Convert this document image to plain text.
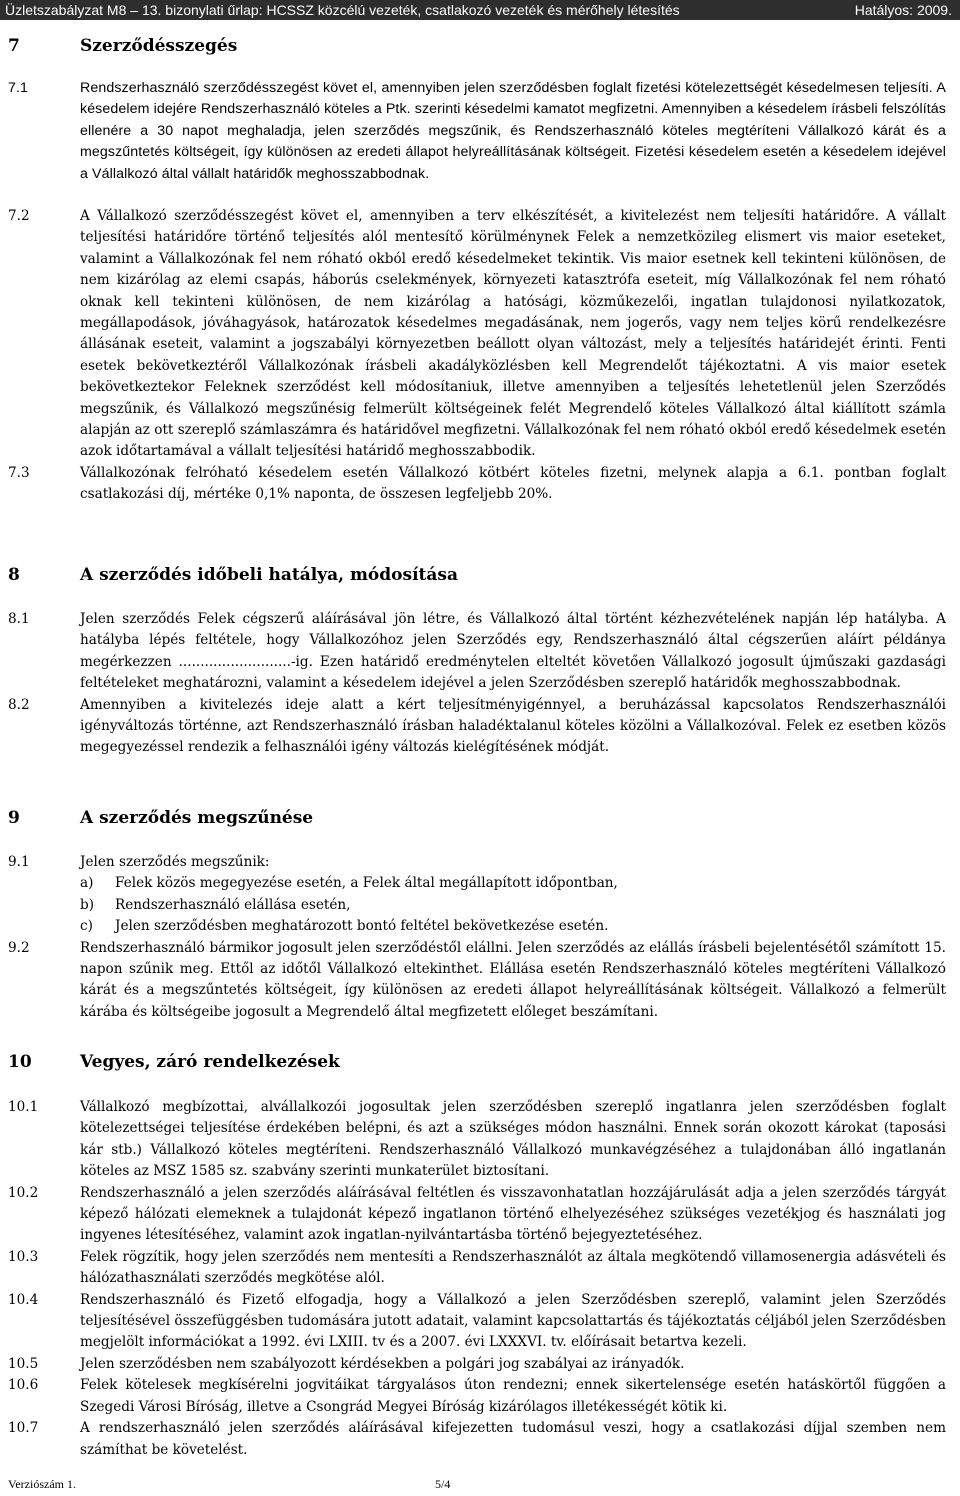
Üzletszabályzat M8 – 13. bizonylati űrlap: HCSSZ közcélú vezeték, csatlakozó vezeték és mérőhely létesítés	Hatályos: 2009.
7	Szerződésszegés
7.1	Rendszerhasználó szerződésszegést követ el, amennyiben jelen szerződésben foglalt fizetési kötelezettségét késedelmesen teljesíti. A késedelem idejére Rendszerhasználó köteles a Ptk. szerinti késedelmi kamatot megfizetni. Amennyiben a késedelem írásbeli felszólítás ellenére a 30 napot meghaladja, jelen szerződés megszűnik, és Rendszerhasználó köteles megtéríteni Vállalkozó kárát és a megszűntetés költségeit, így különösen az eredeti állapot helyreállításának költségeit. Fizetési késedelem esetén a késedelem idejével a Vállalkozó által vállalt határidők meghosszabbodnak.
7.2	A Vállalkozó szerződésszegést követ el, amennyiben a terv elkészítését, a kivitelezést nem teljesíti határidőre. A vállalt teljesítési határidőre történő teljesítés alól mentesítő körülménynek Felek a nemzetközileg elismert vis maior eseteket, valamint a Vállalkozónak fel nem róható okból eredő késedelmeket tekintik. Vis maior esetnek kell tekinteni különösen, de nem kizárólag az elemi csapás, háborús cselekmények, környezeti katasztrófa eseteit, míg Vállalkozónak fel nem róható oknak kell tekinteni különösen, de nem kizárólag a hatósági, közműkezelői, ingatlan tulajdonosi nyilatkozatok, megállapodások, jóváhagyások, határozatok késedelmes megadásának, nem jogerős, vagy nem teljes körű rendelkezésre állásának eseteit, valamint a jogszabályi környezetben beállott olyan változást, mely a teljesítés határidejét érinti. Fenti esetek bekövetkeztéről Vállalkozónak írásbeli akadályközlésben kell Megrendelőt tájékoztatni. A vis maior esetek bekövetkeztekor Feleknek szerződést kell módosítaniuk, illetve amennyiben a teljesítés lehetetlenül jelen Szerződés megszűnik, és Vállalkozó megszűnésig felmerült költségeinek felét Megrendelő köteles Vállalkozó által kiállított számla alapján az ott szereplő számlaszámra és határidővel megfizetni. Vállalkozónak fel nem róható okból eredő késedelmek esetén azok időtartamával a vállalt teljesítési határidő meghosszabbodik.
7.3	Vállalkozónak felróható késedelem esetén Vállalkozó kötbért köteles fizetni, melynek alapja a 6.1. pontban foglalt csatlakozási díj, mértéke 0,1% naponta, de összesen legfeljebb 20%.
8	A szerződés időbeli hatálya, módosítása
8.1	Jelen szerződés Felek cégszerű aláírásával jön létre, és Vállalkozó által történt kézhezvételének napján lép hatályba. A hatályba lépés feltétele, hogy Vállalkozóhoz jelen Szerződés egy, Rendszerhasználó által cégszerűen aláírt példánya megérkezzen ..........................-ig. Ezen határidő eredménytelen elteltét követően Vállalkozó jogosult újműszaki gazdasági feltételeket meghatározni, valamint a késedelem idejével a jelen Szerződésben szereplő határidők meghosszabbodnak.
8.2	Amennyiben a kivitelezés ideje alatt a kért teljesítményigénnyel, a beruházással kapcsolatos Rendszerhasználói igényváltozás történne, azt Rendszerhasználó írásban haladéktalanul köteles közölni a Vállalkozóval. Felek ez esetben közös megegyezéssel rendezik a felhasználói igény változás kielégítésének módját.
9	A szerződés megszűnése
9.1	Jelen szerződés megszűnik:
a) Felek közös megegyezése esetén, a Felek által megállapított időpontban,
b) Rendszerhasználó elállása esetén,
c) Jelen szerződésben meghatározott bontó feltétel bekövetkezése esetén.
9.2	Rendszerhasználó bármikor jogosult jelen szerződéstől elállni. Jelen szerződés az elállás írásbeli bejelentésétől számított 15. napon szűnik meg. Ettől az időtől Vállalkozó eltekinthet. Elállása esetén Rendszerhasználó köteles megtéríteni Vállalkozó kárát és a megszűntetés költségeit, így különösen az eredeti állapot helyreállításának költségeit. Vállalkozó a felmerült kárába és költségeibe jogosult a Megrendelő által megfizetett előleget beszámítani.
10	Vegyes, záró rendelkezések
10.1	Vállalkozó megbízottai, alvállalkozói jogosultak jelen szerződésben szereplő ingatlanra jelen szerződésben foglalt kötelezettségei teljesítése érdekében belépni, és azt a szükséges módon használni. Ennek során okozott károkat (taposási kár stb.) Vállalkozó köteles megtéríteni. Rendszerhasználó Vállalkozó munkavégzéséhez a tulajdonában álló ingatlanán köteles az MSZ 1585 sz. szabvány szerinti munkaterület biztosítani.
10.2	Rendszerhasználó a jelen szerződés aláírásával feltétlen és visszavonhatatlan hozzájárulását adja a jelen szerződés tárgyát képező hálózati elemeknek a tulajdonát képező ingatlanon történő elhelyezéséhez szükséges vezetékjog és használati jog ingyenes létesítéséhez, valamint azok ingatlan-nyilvántartásba történő bejegyeztetéséhez.
10.3	Felek rögzítik, hogy jelen szerződés nem mentesíti a Rendszerhasználót az általa megkötendő villamosenergia adásvételi és hálózathasználati szerződés megkötése alól.
10.4	Rendszerhasználó és Fizető elfogadja, hogy a Vállalkozó a jelen Szerződésben szereplő, valamint jelen Szerződés teljesítésével összefüggésben tudomására jutott adatait, valamint kapcsolattartás és tájékoztatás céljából jelen Szerződésben megjelölt információkat a 1992. évi LXIII. tv és a 2007. évi LXXXVI. tv. előírásait betartva kezeli.
10.5	Jelen szerződésben nem szabályozott kérdésekben a polgári jog szabályai az irányadók.
10.6	Felek kötelesek megkísérelni jogvitáikat tárgyalásos úton rendezni; ennek sikertelensége esetén hatáskörtől függően a Szegedi Városi Bíróság, illetve a Csongrád Megyei Bíróság kizárólagos illetékességét kötik ki.
10.7	A rendszerhasználó jelen szerződés aláírásával kifejezetten tudomásul veszi, hogy a csatlakozási díjjal szemben nem számíthat be követelést.
Verziószám 1.	5/4
